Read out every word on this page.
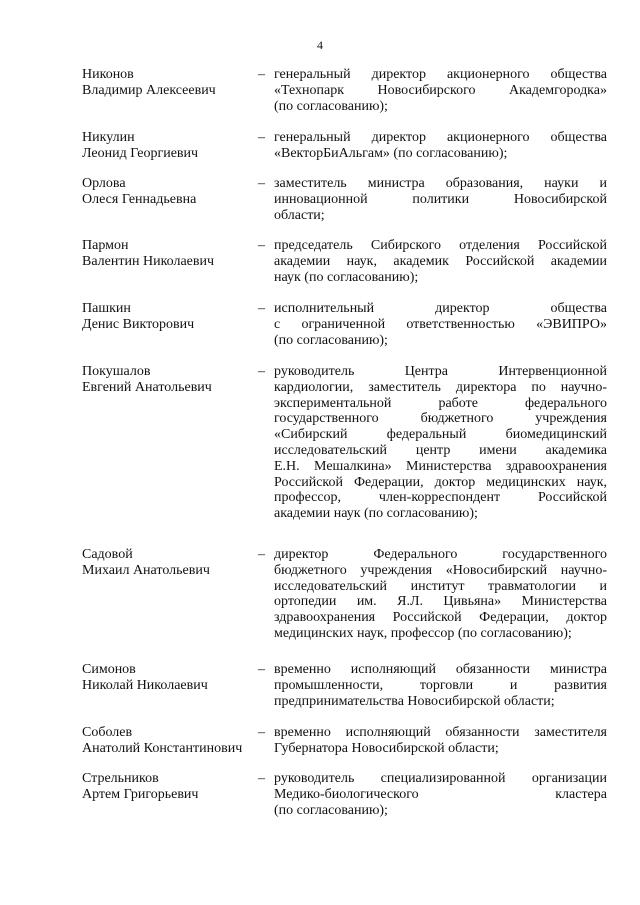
4
Никонов
Владимир Алексеевич
– генеральный директор акционерного общества
«Технопарк Новосибирского Академгородка»
(по согласованию);
Никулин
Леонид Георгиевич
– генеральный директор акционерного общества
«ВекторБиАльгам» (по согласованию);
Орлова
Олеся Геннадьевна
– заместитель министра образования, науки и
инновационной политики Новосибирской
области;
Пармон
Валентин Николаевич
– председатель Сибирского отделения Российской
академии наук, академик Российской академии
наук (по согласованию);
Пашкин
Денис Викторович
– исполнительный директор общества
с ограниченной ответственностью «ЭВИПРО»
(по согласованию);
Покушалов
Евгений Анатольевич
– руководитель Центра Интервенционной
кардиологии, заместитель директора по научно-
экспериментальной работе федерального
государственного бюджетного учреждения
«Сибирский федеральный биомедицинский
исследовательский центр имени академика
Е.Н. Мешалкина» Министерства здравоохранения
Российской Федерации, доктор медицинских наук,
профессор, член-корреспондент Российской
академии наук (по согласованию);
Садовой
Михаил Анатольевич
– директор Федерального государственного
бюджетного учреждения «Новосибирский научно-
исследовательский институт травматологии и
ортопедии им. Я.Л. Цивьяна» Министерства
здравоохранения Российской Федерации, доктор
медицинских наук, профессор (по согласованию);
Симонов
Николай Николаевич
– временно исполняющий обязанности министра
промышленности, торговли и развития
предпринимательства Новосибирской области;
Соболев
Анатолий Константинович
– временно исполняющий обязанности заместителя
Губернатора Новосибирской области;
Стрельников
Артем Григорьевич
– руководитель специализированной организации
Медико-биологического кластера
(по согласованию);
